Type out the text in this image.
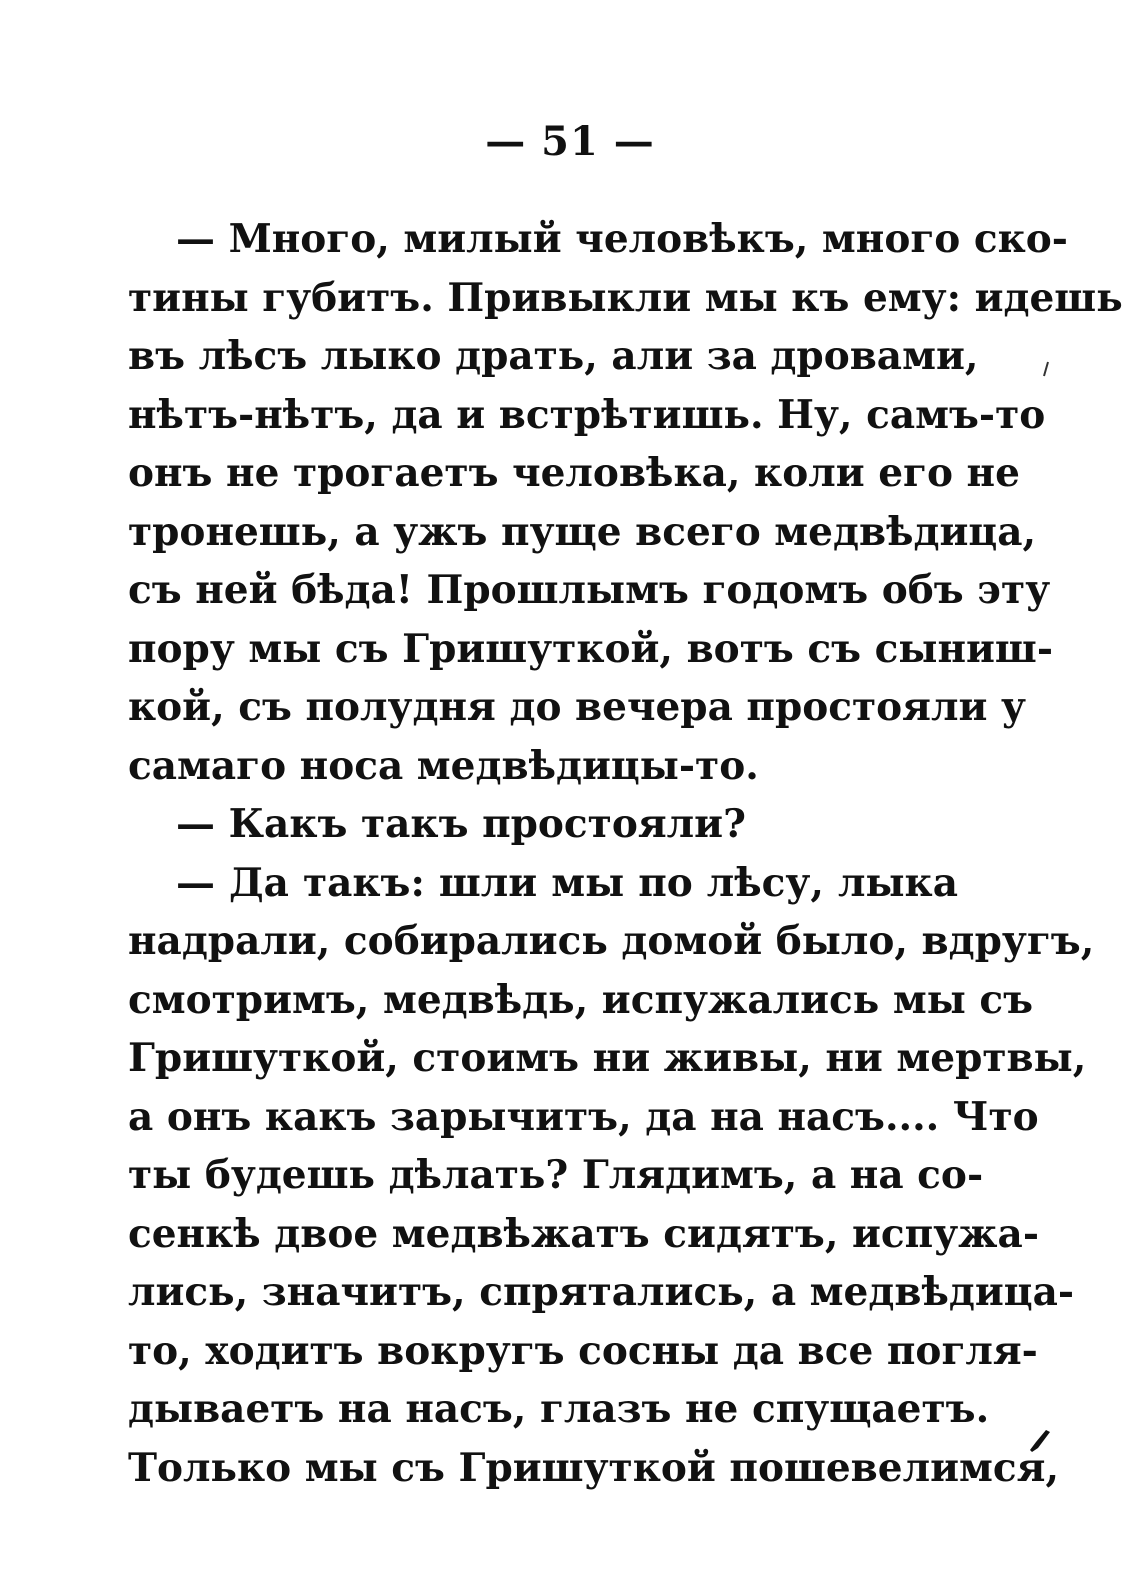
— 51 —
— Много, милый человѣкъ, много ско-
тины губитъ. Привыкли мы къ ему: идешь
въ лѣсъ лыко драть, али за дровами,
нѣтъ-нѣтъ, да и встрѣтишь. Ну, самъ-то
онъ не трогаетъ человѣка, коли его не
тронешь, а ужъ пуще всего медвѣдица,
съ ней бѣда! Прошлымъ годомъ объ эту
пору мы съ Гришуткой, вотъ съ сыниш-
кой, съ полудня до вечера простояли у
самаго носа медвѣдицы-то.
— Какъ такъ простояли?
— Да такъ: шли мы по лѣсу, лыка
надрали, собирались домой было, вдругъ,
смотримъ, медвѣдь, испужались мы съ
Гришуткой, стоимъ ни живы, ни мертвы,
а онъ какъ зарычитъ, да на насъ.... Что
ты будешь дѣлать? Глядимъ, а на со-
сенкѣ двое медвѣжатъ сидятъ, испужа-
лись, значитъ, спрятались, а медвѣдица-
то, ходитъ вокругъ сосны да все погля-
дываетъ на насъ, глазъ не спущаетъ.
Только мы съ Гришуткой пошевелимся,
